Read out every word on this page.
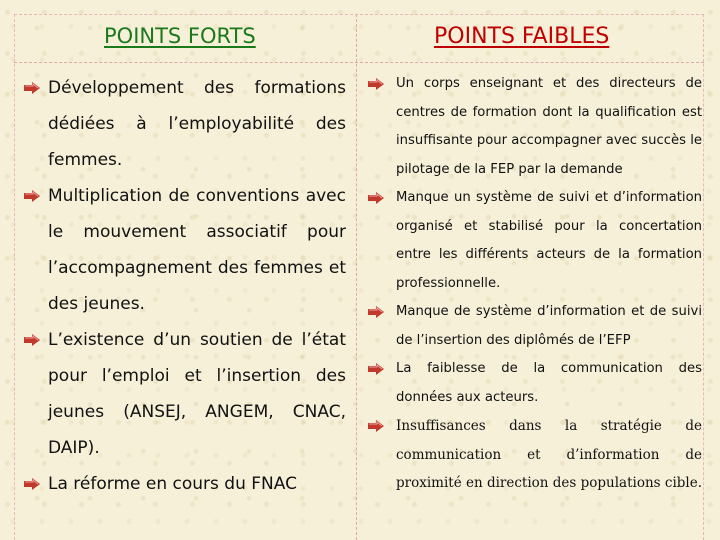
POINTS FORTS	POINTS FAIBLES
Développement des formations dédiées à l’employabilité des femmes.
Multiplication de conventions avec le mouvement associatif pour l’accompagnement des femmes et des jeunes.
L’existence d’un soutien de l’état pour l’emploi et l’insertion des jeunes (ANSEJ, ANGEM, CNAC, DAIP).
La réforme en cours du FNAC
Un corps enseignant et des directeurs de centres de formation dont la qualification est insuffisante pour accompagner avec succès le pilotage de la FEP par la demande
Manque un système de suivi et d’information organisé et stabilisé pour la concertation entre les différents acteurs de la formation professionnelle.
Manque de système d’information et de suivi de l’insertion des diplômés de l’EFP
La faiblesse de la communication des données aux acteurs.
Insuffisances dans la stratégie de communication et d’information de proximité en direction des populations cible.
